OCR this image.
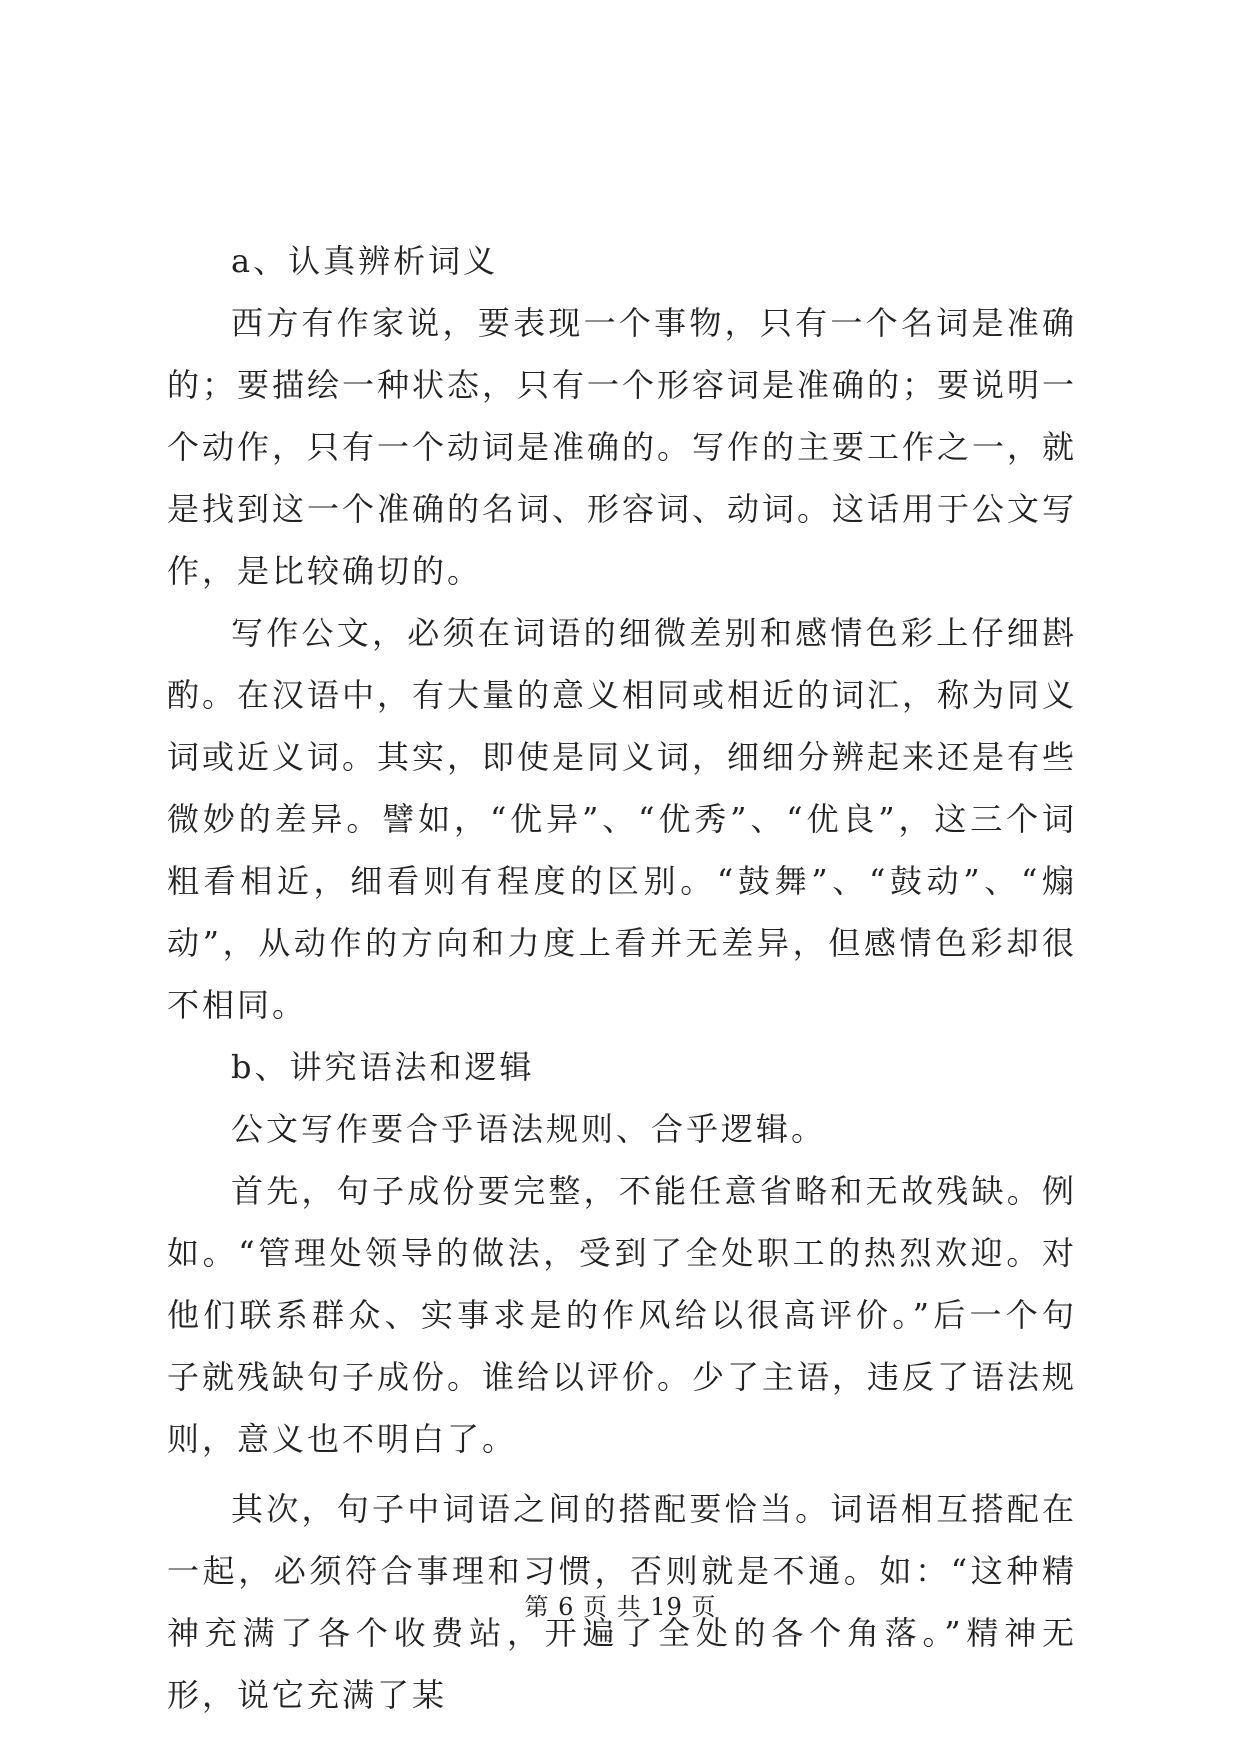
a、认真辨析词义

西方有作家说，要表现一个事物，只有一个名词是准确的；要描绘一种状态，只有一个形容词是准确的；要说明一个动作，只有一个动词是准确的。写作的主要工作之一，就是找到这一个准确的名词、形容词、动词。这话用于公文写作，是比较确切的。

写作公文，必须在词语的细微差别和感情色彩上仔细斟酌。在汉语中，有大量的意义相同或相近的词汇，称为同义词或近义词。其实，即使是同义词，细细分辨起来还是有些微妙的差异。譬如，“优异”、“优秀”、“优良”，这三个词粗看相近，细看则有程度的区别。“鼓舞”、“鼓动”、“煽动”，从动作的方向和力度上看并无差异，但感情色彩却很不相同。

b、讲究语法和逻辑

公文写作要合乎语法规则、合乎逻辑。

首先，句子成份要完整，不能任意省略和无故残缺。例如。“管理处领导的做法，受到了全处职工的热烈欢迎。对他们联系群众、实事求是的作风给以很高评价。”后一个句子就残缺句子成份。谁给以评价。少了主语，违反了语法规则，意义也不明白了。

其次，句子中词语之间的搭配要恰当。词语相互搭配在一起，必须符合事理和习惯，否则就是不通。如：“这种精神充满了各个收费站，开遍了全处的各个角落。”精神无形，说它充满了某

第 6 页 共 19 页
